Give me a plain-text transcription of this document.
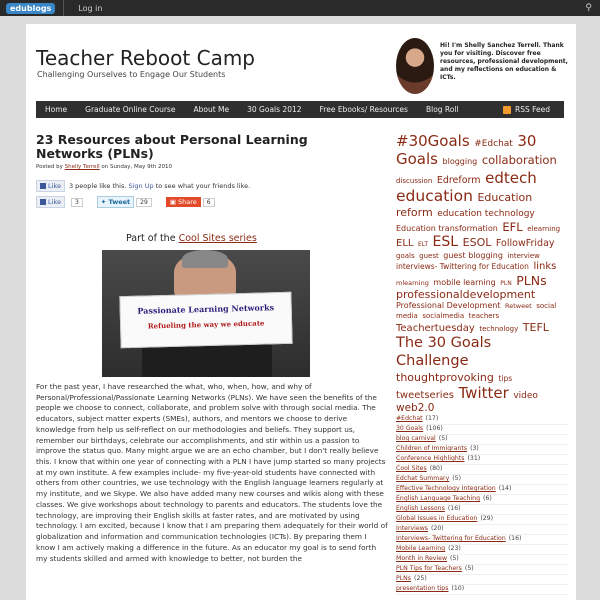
edublogs	Log in	⚲
Teacher Reboot Camp
Challenging Ourselves to Engage Our Students
Hi! I'm Shelly Sanchez Terrell. Thank you for visiting. Discover free resources, professional development, and my reflections on education & ICTs.
Home	Graduate Online Course	About Me	30 Goals 2012	Free Ebooks/ Resources	Blog Roll	RSS Feed
23 Resources about Personal Learning Networks (PLNs)
Posted by Shelly Terrell on Sunday, May 9th 2010
Like	3 people like this.
Sign Up
to see what your friends like.
Like	3	✦ Tweet	29	▣ Share	6
Part of the Cool Sites series
Passionate Learning Networks
Refueling the way we educate
For the past year, I have researched the what, who, when, how, and why of Personal/Professional/Passionate Learning Networks (PLNs). We have seen the benefits of the people we choose to connect, collaborate, and problem solve with through social media. The educators, subject matter experts (SMEs), authors, and mentors we choose to derive knowledge from help us self-reflect on our methodologies and beliefs. They support us, remember our birthdays, celebrate our accomplishments, and stir within us a passion to improve the status quo. Many might argue we are an echo chamber, but I don't really believe this. I know that within one year of connecting with a PLN I have jump started so many projects at my own institute. A few examples include- my five-year-old students have connected with others from other countries, we use technology with the English language learners regularly at my institute, and we Skype. We also have added many new courses and wikis along with these classes. We give workshops about technology to parents and educators. The students love the technology, are improving their English skills at faster rates, and are motivated by using technology. I am excited, because I know that I am preparing them adequately for their world of globalization and information and communication technologies (ICTs). By preparing them I know I am actively making a difference in the future. As an educator my goal is to send forth my students skilled and armed with knowledge to better, not burden the
#30Goals #Edchat 30 Goals blogging collaboration discussion Edreform edtech education Education reform education technology Education transformation EFL elearning ELL ELT ESL ESOL FollowFriday goals guest guest blogging interview interviews- Twittering for Education links mlearning mobile learning PLN PLNs professionaldevelopment Professional Development Retweet social media socialmedia teachers Teachertuesday technology TEFL The 30 Goals Challenge thoughtprovoking tips tweetseries Twitter video web2.0
#Edchat (17)
30 Goals (106)
blog carnival (5)
Children of Immigrants (3)
Conference Highlights (31)
Cool Sites (80)
Edchat Summary (5)
Effective Technology Integration (14)
English Language Teaching (6)
English Lessons (16)
Global Issues in Education (29)
Interviews (20)
Interviews- Twittering for Education (16)
Mobile Learning (23)
Month in Review (5)
PLN Tips for Teachers (5)
PLNs (25)
presentation tips (10)
